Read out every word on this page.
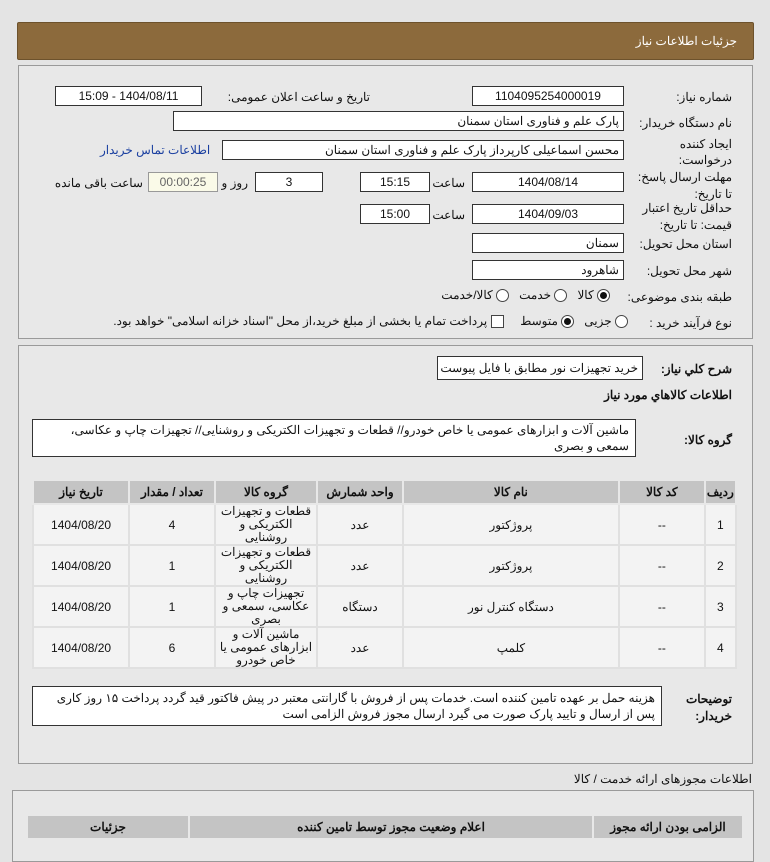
جزئیات اطلاعات نیاز
شماره نیاز:
1104095254000019
تاریخ و ساعت اعلان عمومی:
1404/08/11 - 15:09
نام دستگاه خریدار:
پارک علم و فناوری استان سمنان
ایجاد کننده
درخواست:
محسن اسماعیلی کارپرداز پارک علم و فناوری استان سمنان
اطلاعات تماس خریدار
مهلت ارسال پاسخ:
تا تاریخ:
1404/08/14
ساعت
15:15
3
روز و
00:00:25
ساعت باقی مانده
حداقل تاریخ اعتبار
قیمت: تا تاریخ:
1404/09/03
ساعت
15:00
استان محل تحویل:
سمنان
شهر محل تحویل:
شاهرود
طبقه بندی موضوعی:
کالا    خدمت    کالا/خدمت
نوع فرآیند خرید :
جزیی    متوسط      پرداخت تمام یا بخشی از مبلغ خرید،از محل "اسناد خزانه اسلامی" خواهد بود.
شرح كلي نياز:
خرید تجهیزات نور مطابق با فایل پیوست
اطلاعات كالاهاي مورد نياز
گروه کالا:
ماشین آلات و ابزارهای عمومی یا خاص خودرو// قطعات و تجهیزات الکتریکی و روشنایی// تجهیزات چاپ و عکاسی، سمعی و بصری
ردیف	کد کالا	نام کالا	واحد شمارش	گروه کالا	تعداد / مقدار	تاریخ نیاز
1	--	پروژکتور	عدد	قطعات و تجهیزات الکتریکی و روشنایی	4	1404/08/20
2	--	پروژکتور	عدد	قطعات و تجهیزات الکتریکی و روشنایی	1	1404/08/20
3	--	دستگاه کنترل نور	دستگاه	تجهیزات چاپ و عکاسی، سمعی و بصری	1	1404/08/20
4	--	کلمپ	عدد	ماشین آلات و ابزارهای عمومی یا خاص خودرو	6	1404/08/20
توضیحات
خریدار:
هزینه حمل بر عهده تامین کننده است. خدمات پس از فروش با گارانتی معتبر در پیش فاکتور قید گردد پرداخت ۱۵ روز کاری پس از ارسال و تایید پارک صورت می گیرد ارسال مجوز فروش الزامی است
اطلاعات مجوزهای ارائه خدمت / کالا
الزامی بودن ارائه مجوز	اعلام وضعیت مجوز توسط تامین کننده	جزئیات
